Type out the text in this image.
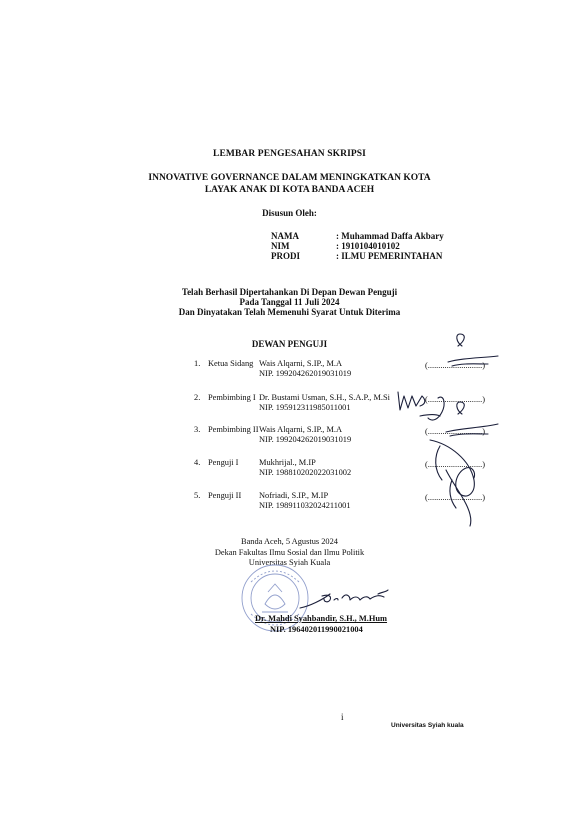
LEMBAR PENGESAHAN SKRIPSI
INNOVATIVE GOVERNANCE DALAM MENINGKATKAN KOTA
LAYAK ANAK DI KOTA BANDA ACEH
Disusun Oleh:
NAMA	: Muhammad Daffa Akbary
NIM	: 1910104010102
PRODI	: ILMU PEMERINTAHAN
Telah Berhasil Dipertahankan Di Depan Dewan Penguji
Pada Tanggal 11 Juli 2024
Dan Dinyatakan Telah Memenuhi Syarat Untuk Diterima
DEWAN PENGUJI
1. Ketua Sidang Wais Alqarni, S.IP., M.A
NIP. 199204262019031019
(..........................)
2. Pembimbing I Dr. Bustami Usman, S.H., S.A.P., M.Si
NIP. 195912311985011001
(..........................)
3. Pembimbing II Wais Alqarni, S.IP., M.A
NIP. 199204262019031019
(..........................)
4. Penguji I	Mukhrijal., M.IP
NIP. 198810202022031002
(..........................)
5. Penguji II	Nofriadi, S.IP., M.IP
NIP. 198911032024211001
(..........................)
Banda Aceh, 5 Agustus 2024
Dekan Fakultas Ilmu Sosial dan Ilmu Politik
Universitas Syiah Kuala
Dr. Mahdi Syahbandir, S.H., M.Hum
NIP. 196402011990021004
i
Universitas Syiah kuala
